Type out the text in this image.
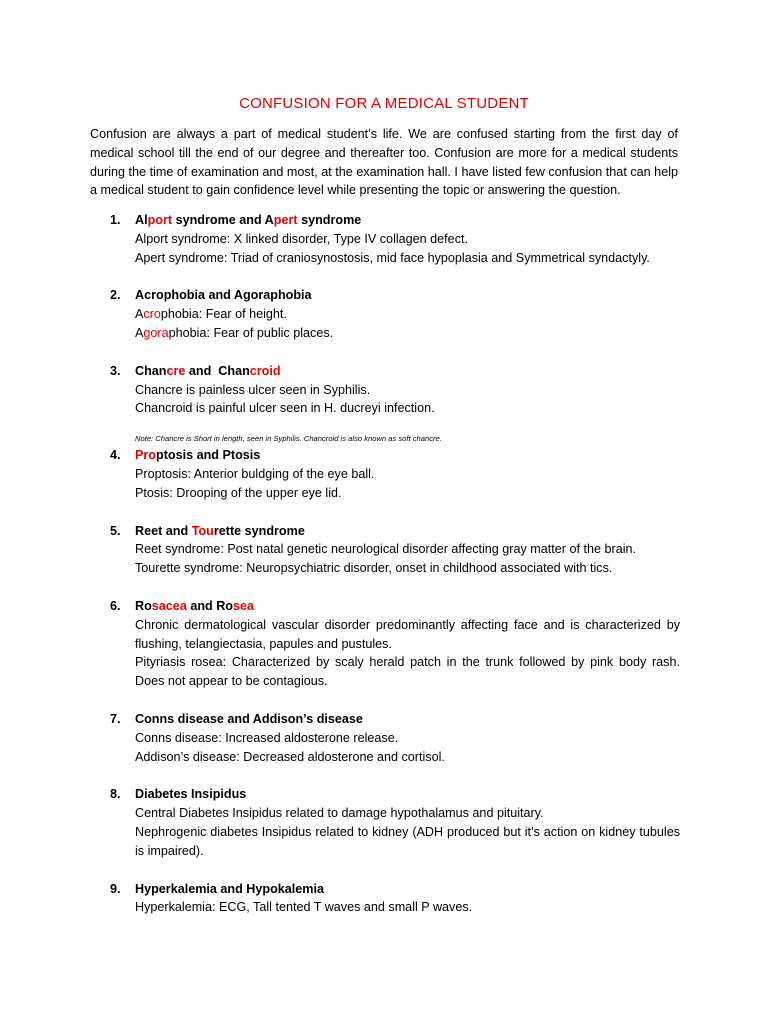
CONFUSION FOR A MEDICAL STUDENT

Confusion are always a part of medical student’s life. We are confused starting from the first day of medical school till the end of our degree and thereafter too. Confusion are more for a medical students during the time of examination and most, at the examination hall. I have listed few confusion that can help a medical student to gain confidence level while presenting the topic or answering the question.

1. Alport syndrome and Apert syndrome
Alport syndrome: X linked disorder, Type IV collagen defect.
Apert syndrome: Triad of craniosynostosis, mid face hypoplasia and Symmetrical syndactyly.
2. Acrophobia and Agoraphobia
Acrophobia: Fear of height.
Agoraphobia: Fear of public places.
3. Chancre and  Chancroid
Chancre is painless ulcer seen in Syphilis.
Chancroid is painful ulcer seen in H. ducreyi infection.
Note: Chancre is Short in length, seen in Syphilis. Chancroid is also known as soft chancre.
4. Proptosis and Ptosis
Proptosis: Anterior buldging of the eye ball.
Ptosis: Drooping of the upper eye lid.
5. Reet and Tourette syndrome
Reet syndrome: Post natal genetic neurological disorder affecting gray matter of the brain.
Tourette syndrome: Neuropsychiatric disorder, onset in childhood associated with tics.
6. Rosacea and Rosea
Chronic dermatological vascular disorder predominantly affecting face and is characterized by flushing, telangiectasia, papules and pustules.
Pityriasis rosea: Characterized by scaly herald patch in the trunk followed by pink body rash. Does not appear to be contagious.
7. Conns disease and Addison’s disease
Conns disease: Increased aldosterone release.
Addison’s disease: Decreased aldosterone and cortisol.
8. Diabetes Insipidus
Central Diabetes Insipidus related to damage hypothalamus and pituitary.
Nephrogenic diabetes Insipidus related to kidney (ADH produced but it’s action on kidney tubules is impaired).
9. Hyperkalemia and Hypokalemia
Hyperkalemia: ECG, Tall tented T waves and small P waves.
